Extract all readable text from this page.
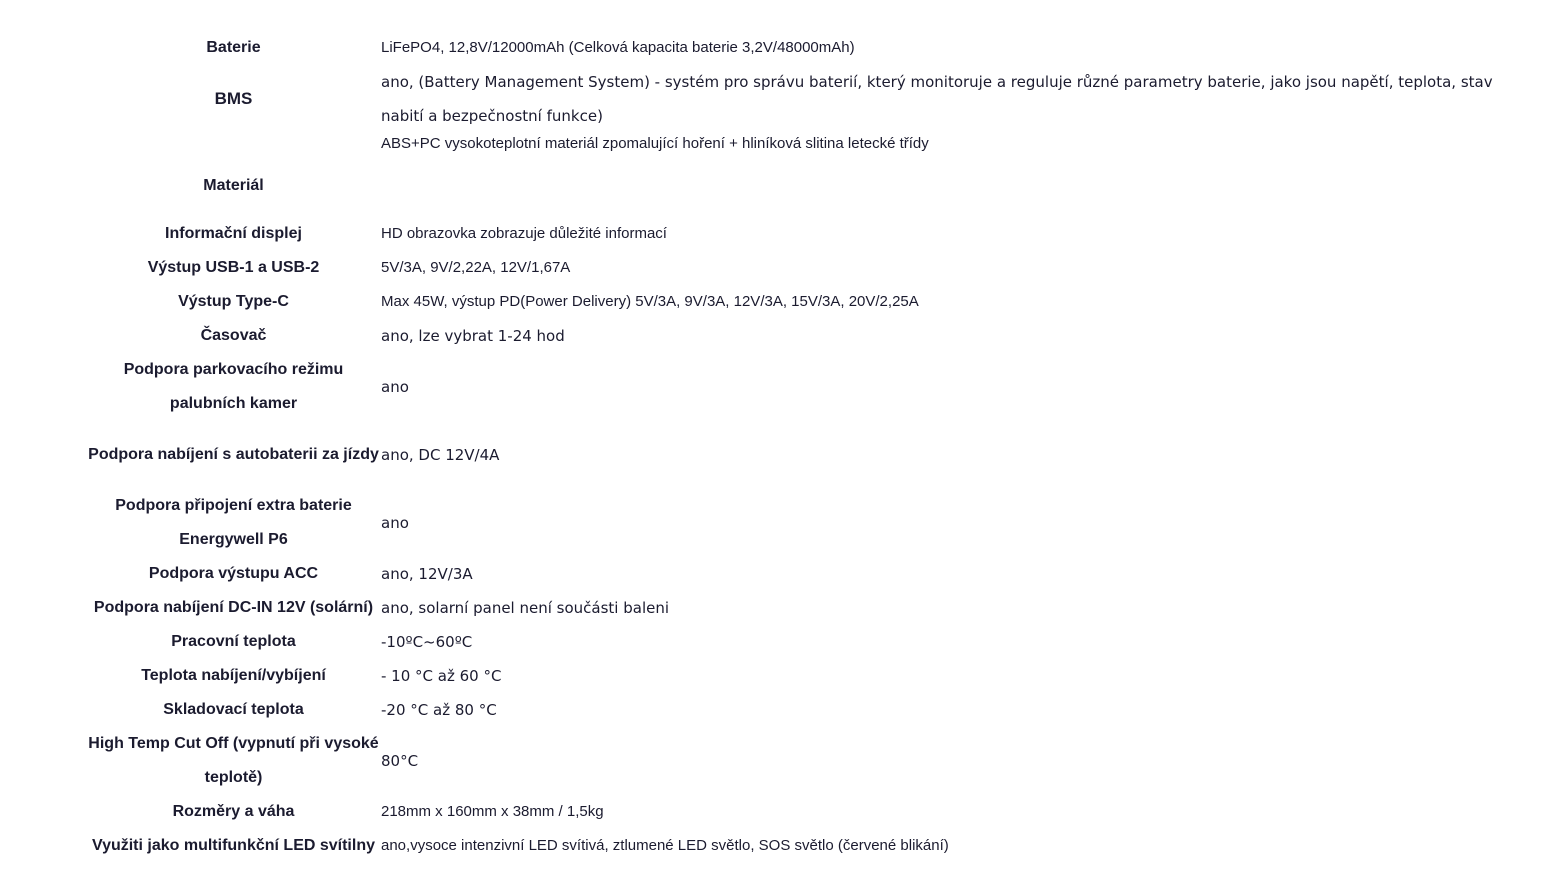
Baterie	LiFePO4, 12,8V/12000mAh (Celková kapacita baterie 3,2V/48000mAh)
BMS	ano, (Battery Management System) - systém pro správu baterií, který monitoruje a reguluje různé parametry baterie, jako jsou napětí, teplota, stav nabití a bezpečnostní funkce)
Materiál	ABS+PC vysokoteplotní materiál zpomalující hoření + hliníková slitina letecké třídy
Informační displej	HD obrazovka zobrazuje důležité informací
Výstup USB-1 a USB-2	5V/3A, 9V/2,22A, 12V/1,67A
Výstup Type-C	Max 45W, výstup PD(Power Delivery) 5V/3A, 9V/3A, 12V/3A, 15V/3A, 20V/2,25A
Časovač	ano, lze vybrat 1-24 hod
Podpora parkovacího režimu palubních kamer	ano
Podpora nabíjení s autobaterii za jízdy	ano, DC 12V/4A
Podpora připojení extra baterie Energywell P6	ano
Podpora výstupu ACC	ano, 12V/3A
Podpora nabíjení DC-IN 12V (solární)	ano, solarní panel není součásti baleni
Pracovní teplota	-10ºC~60ºC
Teplota nabíjení/vybíjení	- 10 °C až 60 °C
Skladovací teplota	-20 °C až 80 °C
High Temp Cut Off (vypnutí při vysoké teplotě)	80°C
Rozměry a váha	218mm x 160mm x 38mm / 1,5kg
Využiti jako multifunkční LED svítilny	ano,vysoce intenzivní LED svítivá, ztlumené LED světlo, SOS světlo (červené blikání)
